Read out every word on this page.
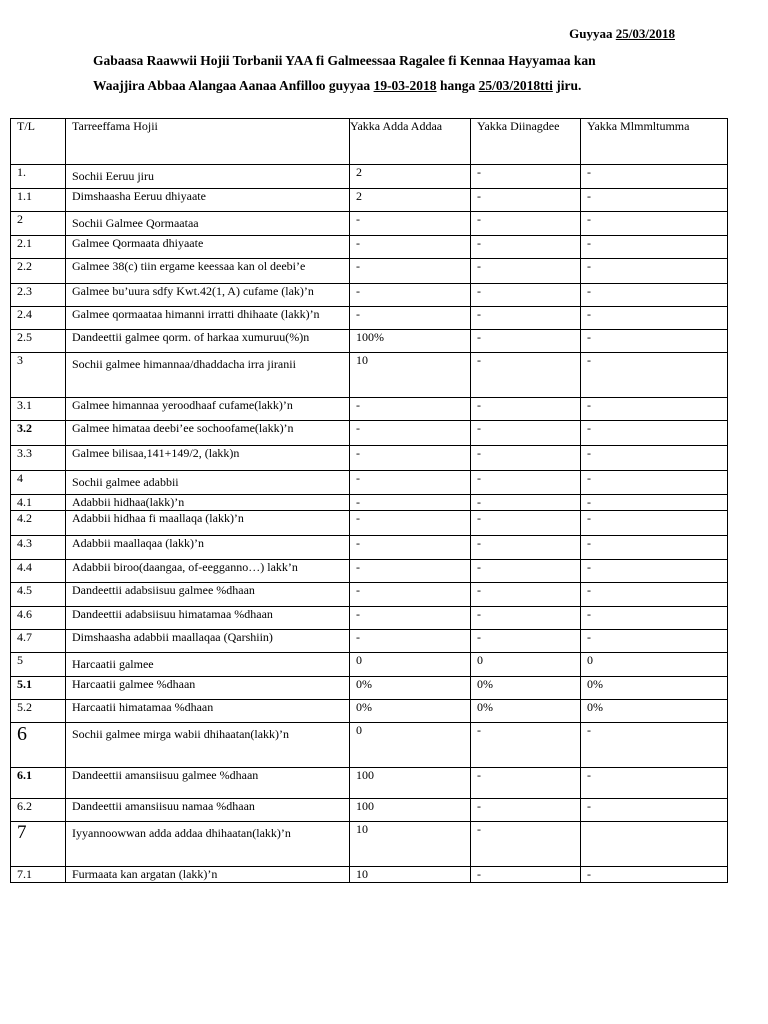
Guyyaa 25/03/2018
Gabaasa Raawwii Hojii Torbanii YAA fi Galmeessaa Ragalee fi Kennaa Hayyamaa kan
Waajjira Abbaa Alangaa Aanaa Anfilloo guyyaa 19-03-2018 hanga 25/03/2018tti jiru.
T/L	Tarreeffama Hojii	Yakka Adda Addaa	Yakka Diinagdee	Yakka Mlmmltumma
1.	Sochii Eeruu jiru	2	-	-
1.1	Dimshaasha Eeruu dhiyaate	2	-	-
2	Sochii Galmee Qormaataa	-	-	-
2.1	Galmee Qormaata dhiyaate	-	-	-
2.2	Galmee 38(c) tiin ergame keessaa kan ol deebi’e	-	-	-
2.3	Galmee bu’uura sdfy Kwt.42(1, A) cufame (lak)’n	-	-	-
2.4	Galmee qormaataa himanni irratti dhihaate (lakk)’n	-	-	-
2.5	Dandeettii galmee qorm. of harkaa xumuruu(%)n	100%	-	-
3	Sochii galmee himannaa/dhaddacha irra jiranii	10	-	-
3.1	Galmee himannaa yeroodhaaf cufame(lakk)’n	-	-	-
3.2	Galmee himataa deebi’ee sochoofame(lakk)’n	-	-	-
3.3	Galmee bilisaa,141+149/2, (lakk)n	-	-	-
4	Sochii galmee adabbii	-	-	-
4.1	Adabbii hidhaa(lakk)’n	-	-	-
4.2	Adabbii hidhaa fi maallaqa (lakk)’n	-	-	-
4.3	Adabbii maallaqaa (lakk)’n	-	-	-
4.4	Adabbii biroo(daangaa, of-eegganno…) lakk’n	-	-	-
4.5	Dandeettii adabsiisuu galmee %dhaan	-	-	-
4.6	Dandeettii adabsiisuu himatamaa %dhaan	-	-	-
4.7	Dimshaasha adabbii maallaqaa (Qarshiin)	-	-	-
5	Harcaatii galmee	0	0	0
5.1	Harcaatii galmee %dhaan	0%	0%	0%
5.2	Harcaatii himatamaa %dhaan	0%	0%	0%
6	Sochii galmee mirga wabii dhihaatan(lakk)’n	0	-	-
6.1	Dandeettii amansiisuu galmee %dhaan	100	-	-
6.2	Dandeettii amansiisuu namaa %dhaan	100	-	-
7	Iyyannoowwan adda addaa dhihaatan(lakk)’n	10	-	
7.1	Furmaata kan argatan (lakk)’n	10	-	-
